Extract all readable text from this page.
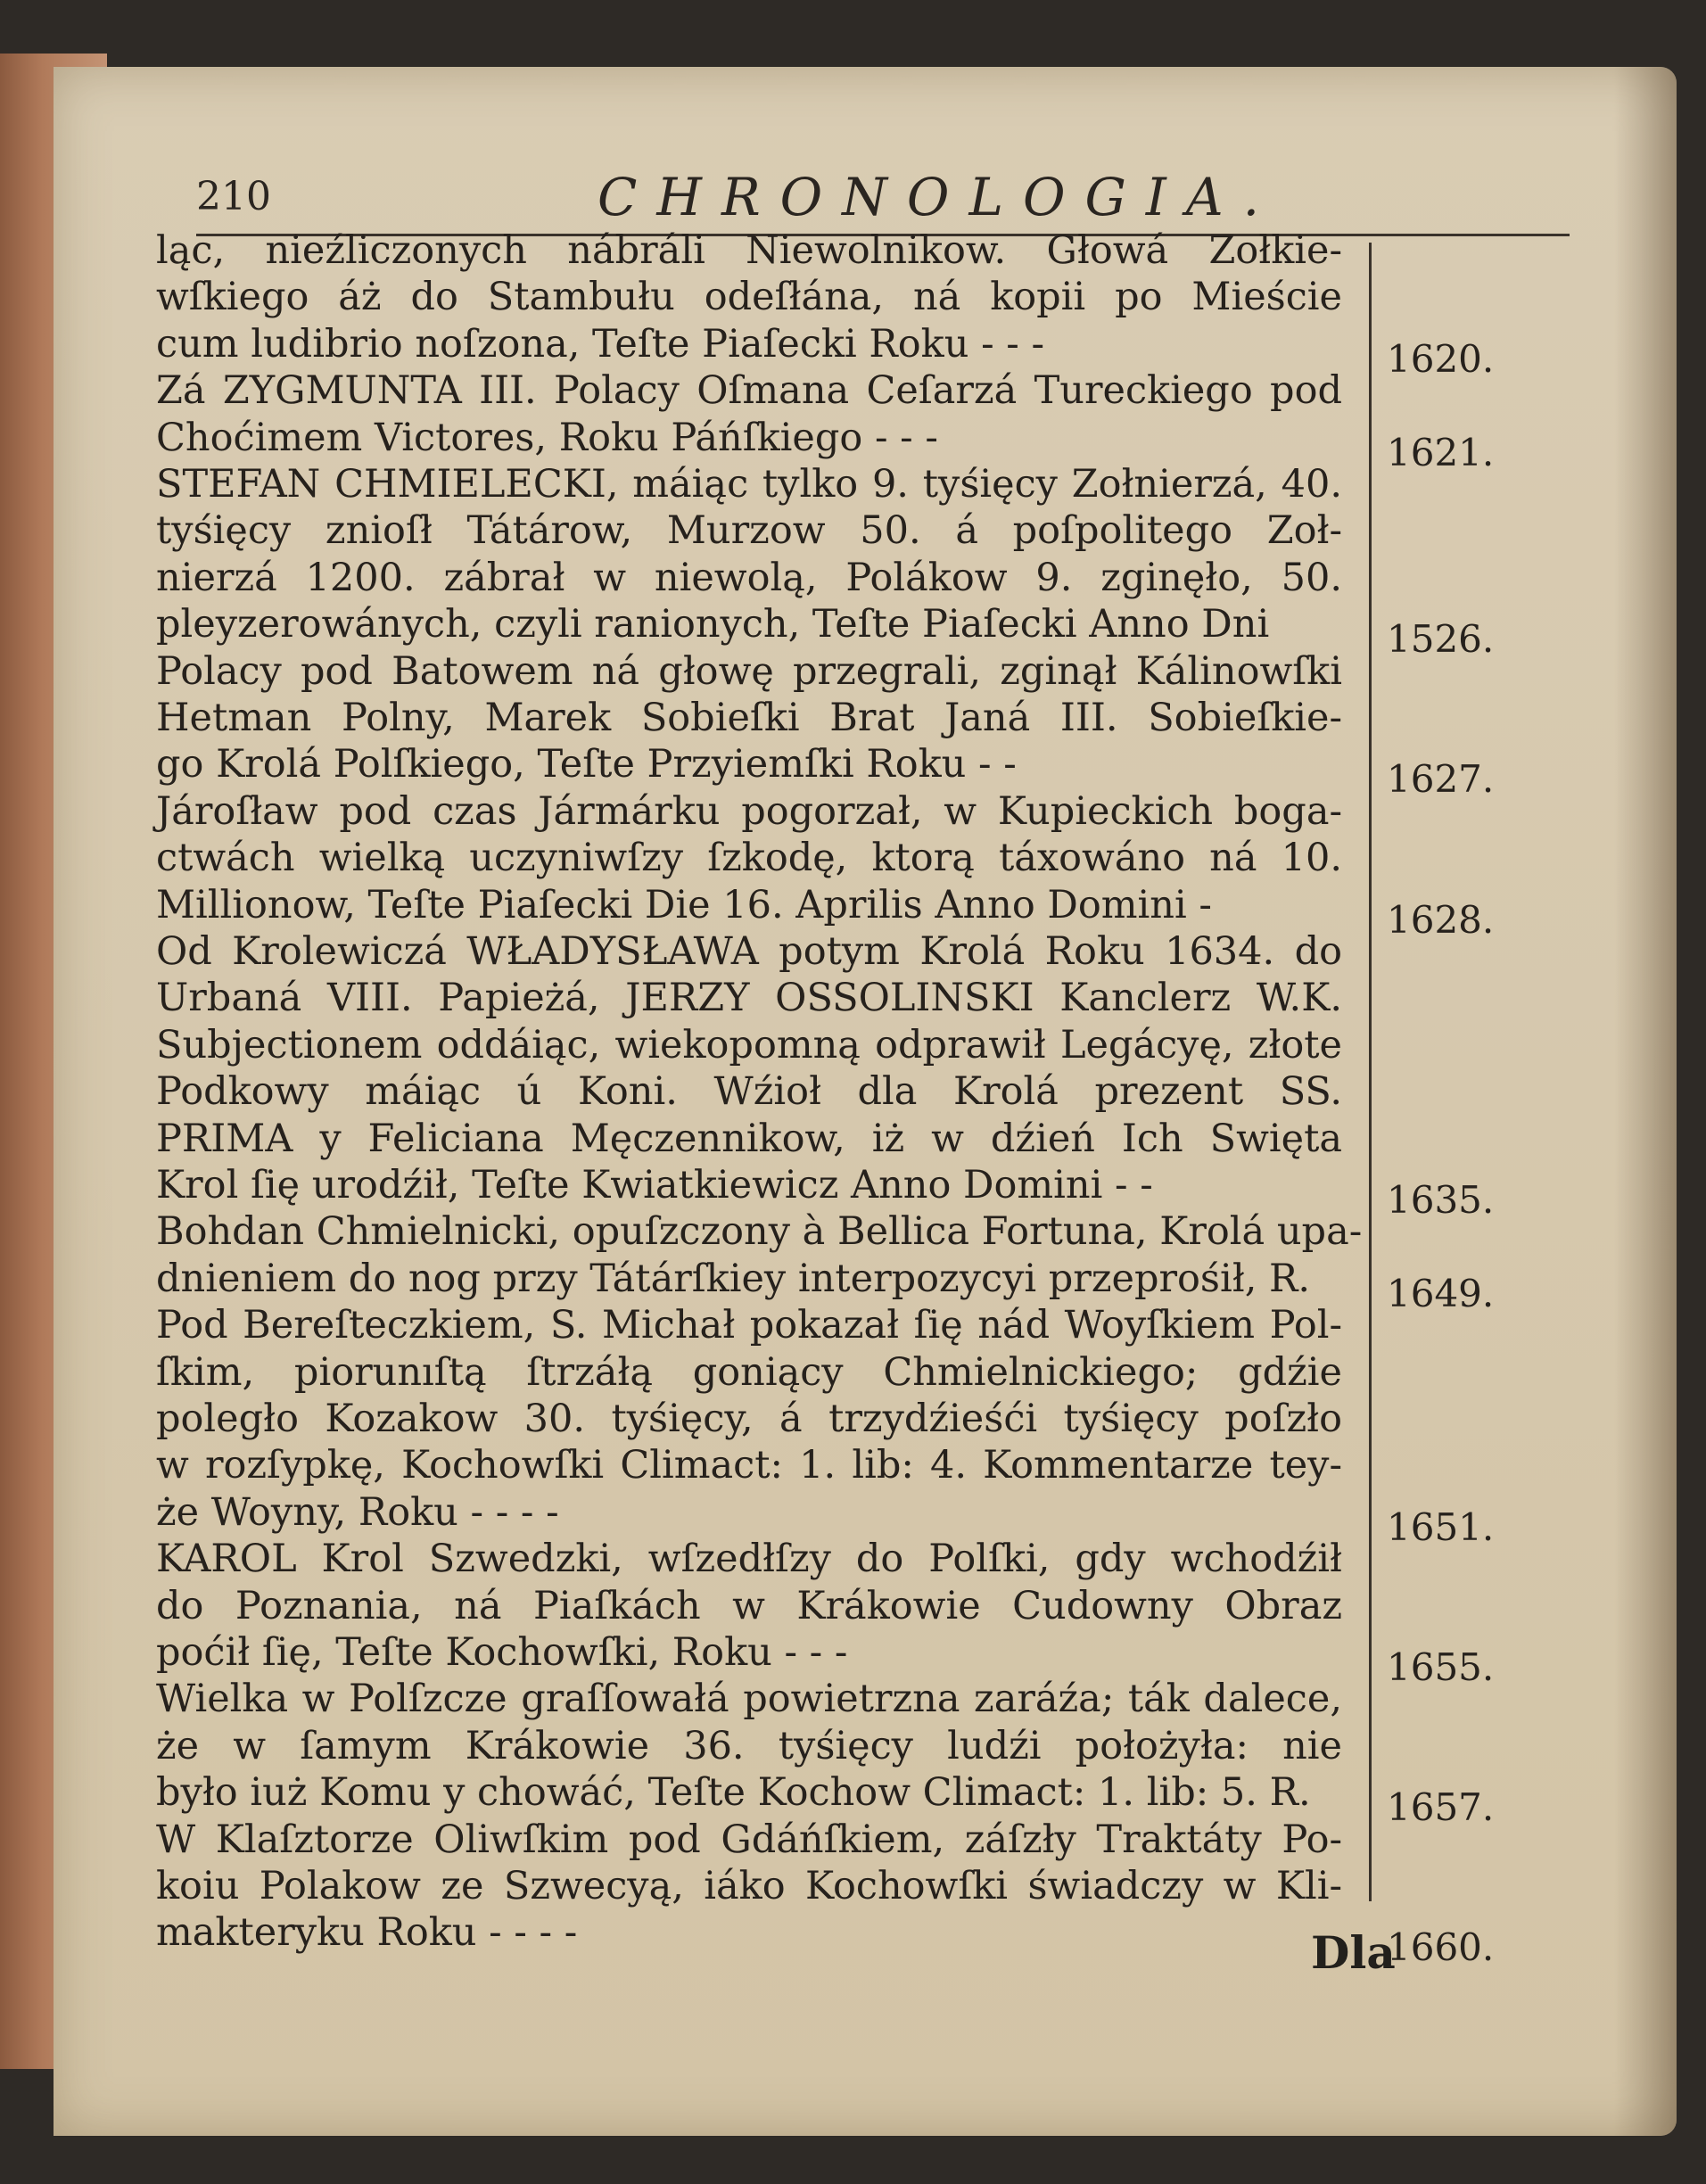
210	CHRONOLOGIA.
ląc, nieźliczonych nábráli Niewolnikow. Głowá Zołkie-
wſkiego áż do Stambułu odeſłána, ná kopii po Mieście
cum ludibrio noſzona, Teſte Piaſecki Roku - - -
Zá ZYGMUNTA III. Polacy Oſmana Ceſarzá Tureckiego pod
Choćimem Victores, Roku Páńſkiego - - -
STEFAN CHMIELECKI, máiąc tylko 9. tyśięcy Zołnierzá, 40.
tyśięcy znioſł Tátárow, Murzow 50. á poſpolitego Zoł-
nierzá 1200. zábrał w niewolą, Polákow 9. zginęło, 50.
pleyzerowánych, czyli ranionych, Teſte Piaſecki Anno Dni
Polacy pod Batowem ná głowę przegrali, zginął Kálinowſki
Hetman Polny, Marek Sobieſki Brat Janá III. Sobieſkie-
go Krolá Polſkiego, Teſte Przyiemſki Roku - -
Jároſław pod czas Jármárku pogorzał, w Kupieckich boga-
ctwách wielką uczyniwſzy ſzkodę, ktorą táxowáno ná 10.
Millionow, Teſte Piaſecki Die 16. Aprilis Anno Domini -
Od Krolewiczá WŁADYSŁAWA potym Krolá Roku 1634. do
Urbaná VIII. Papieżá, JERZY OSSOLINSKI Kanclerz W.K.
Subjectionem oddáiąc, wiekopomną odprawił Legácyę, złote
Podkowy máiąc ú Koni. Wźioł dla Krolá prezent SS.
PRIMA y Feliciana Męczennikow, iż w dźień Ich Swięta
Krol ſię urodźił, Teſte Kwiatkiewicz Anno Domini - -
Bohdan Chmielnicki, opuſzczony à Bellica Fortuna, Krolá upa-
dnieniem do nog przy Tátárſkiey interpozycyi przeprośił, R.
Pod Bereſteczkiem, S. Michał pokazał ſię nád Woyſkiem Pol-
ſkim, piorunıſtą ſtrzáłą goniący Chmielnickiego; gdźie
poległo Kozakow 30. tyśięcy, á trzydźieśći tyśięcy poſzło
w rozſypkę, Kochowſki Climact: 1. lib: 4. Kommentarze tey-
że Woyny, Roku - - - -
KAROL Krol Szwedzki, wſzedłſzy do Polſki, gdy wchodźił
do Poznania, ná Piaſkách w Krákowie Cudowny Obraz
poćił ſię, Teſte Kochowſki, Roku - - -
Wielka w Polſzcze graſſowałá powietrzna zaráźa; ták dalece,
że w ſamym Krákowie 36. tyśięcy ludźi położyła: nie
było iuż Komu y chowáć, Teſte Kochow Climact: 1. lib: 5. R.
W Klaſztorze Oliwſkim pod Gdáńſkiem, záſzły Traktáty Po-
koiu Polakow ze Szwecyą, iáko Kochowſki świadczy w Kli-
makteryku Roku - - - -
1620.
1621.
1526.
1627.
1628.
1635.
1649.
1651.
1655.
1657.
1660.
Dla
